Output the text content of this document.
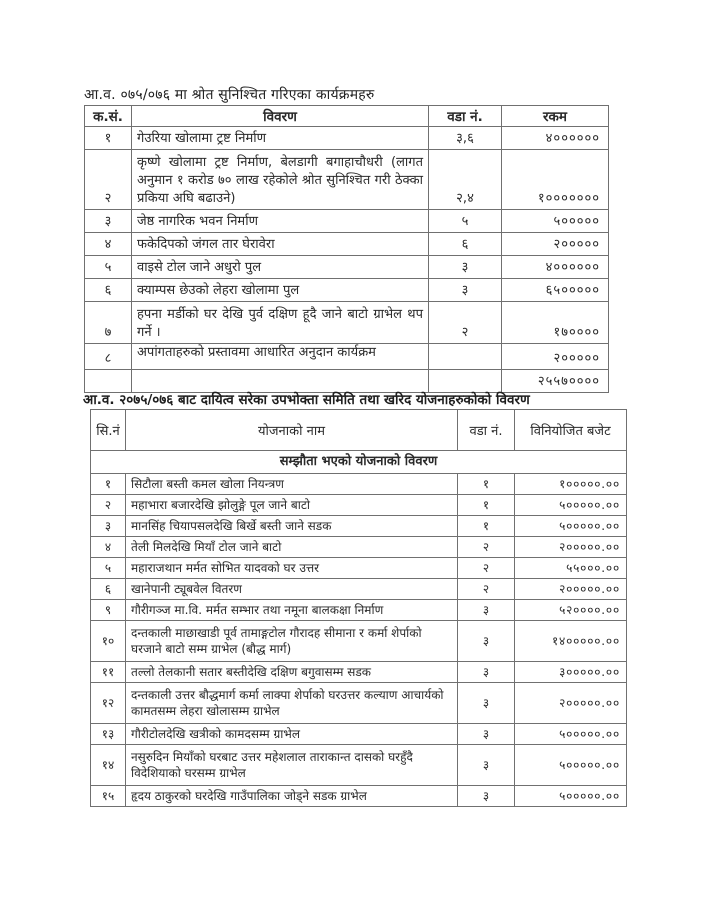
आ.व. ०७५/०७६ मा श्रोत सुनिश्चित गरिएका कार्यक्रमहरु
क.सं.	विवरण	वडा नं.	रकम
१	गेउरिया खोलामा ट्रष्ट निर्माण	३,६	४००००००
२	कृष्णे खोलामा ट्रष्ट निर्माण, बेलडागी बगाहाचौधरी (लागत अनुमान १ करोड ७० लाख रहेकोले श्रोत सुनिश्चित गरी ठेक्का प्रकिया अघि बढाउने)	२,४	१०००००००
३	जेष्ठ नागरिक भवन निर्माण	५	५०००००
४	फकेदिपको जंगल तार घेरावेरा	६	२०००००
५	वाइसे टोल जाने अधुरो पुल	३	४००००००
६	क्याम्पस छेउको लेहरा खोलामा पुल	३	६५०००००
७	हपना मर्डीको घर देखि पुर्व दक्षिण हूदै जाने बाटो ग्राभेल थप गर्ने ।	२	१७००००
८	अपांगताहरुको प्रस्तावमा आधारित अनुदान कार्यक्रम		२०००००
			२५५७००००
आ.व. २०७५/०७६ बाट दायित्व सरेका उपभोक्ता समिति तथा खरिद योजनाहरुकोको विवरण
सि.नं	योजनाको नाम	वडा नं.	विनियोजित बजेट
सम्झौता भएको योजनाको विवरण			
१	सिटौला बस्ती कमल खोला नियन्त्रण	१	१०००००.००
२	महाभारा बजारदेखि झोलुङ्गे पूल जाने बाटो	१	५०००००.००
३	मानसिंह चियापसलदेखि बिर्खे बस्ती जाने सडक	१	५०००००.००
४	तेली मिलदेखि मियाँ टोल जाने बाटो	२	२०००००.००
५	महाराजथान मर्मत सोभित यादवको घर उत्तर	२	५५०००.००
६	खानेपानी ट्यूबवेल वितरण	२	२०००००.००
९	गौरीगञ्ज मा.वि. मर्मत सम्भार तथा नमूना बालकक्षा निर्माण	३	५२००००.००
१०	दन्तकाली माछाखाडी पूर्व तामाङ्गटोल गौरादह सीमाना र कर्मा शेर्पाको घरजाने बाटो सम्म ग्राभेल (बौद्ध मार्ग)	३	१४०००००.००
११	तल्लो तेलकानी सतार बस्तीदेखि दक्षिण बगुवासम्म सडक	३	३०००००.००
१२	दन्तकाली उत्तर बौद्धमार्ग कर्मा लाक्पा शेर्पाको घरउत्तर कल्याण आचार्यको कामतसम्म लेहरा खोलासम्म ग्राभेल	३	२०००००.००
१३	गौरीटोलदेखि खत्रीको कामदसम्म ग्राभेल	३	५०००००.००
१४	नसुरुदिन मियाँको घरबाट उत्तर महेशलाल ताराकान्त दासको घरहुँदै विदेशियाको घरसम्म ग्राभेल	३	५०००००.००
१५	हृदय ठाकुरको घरदेखि गाउँपालिका जोड्ने सडक ग्राभेल	३	५०००००.००
